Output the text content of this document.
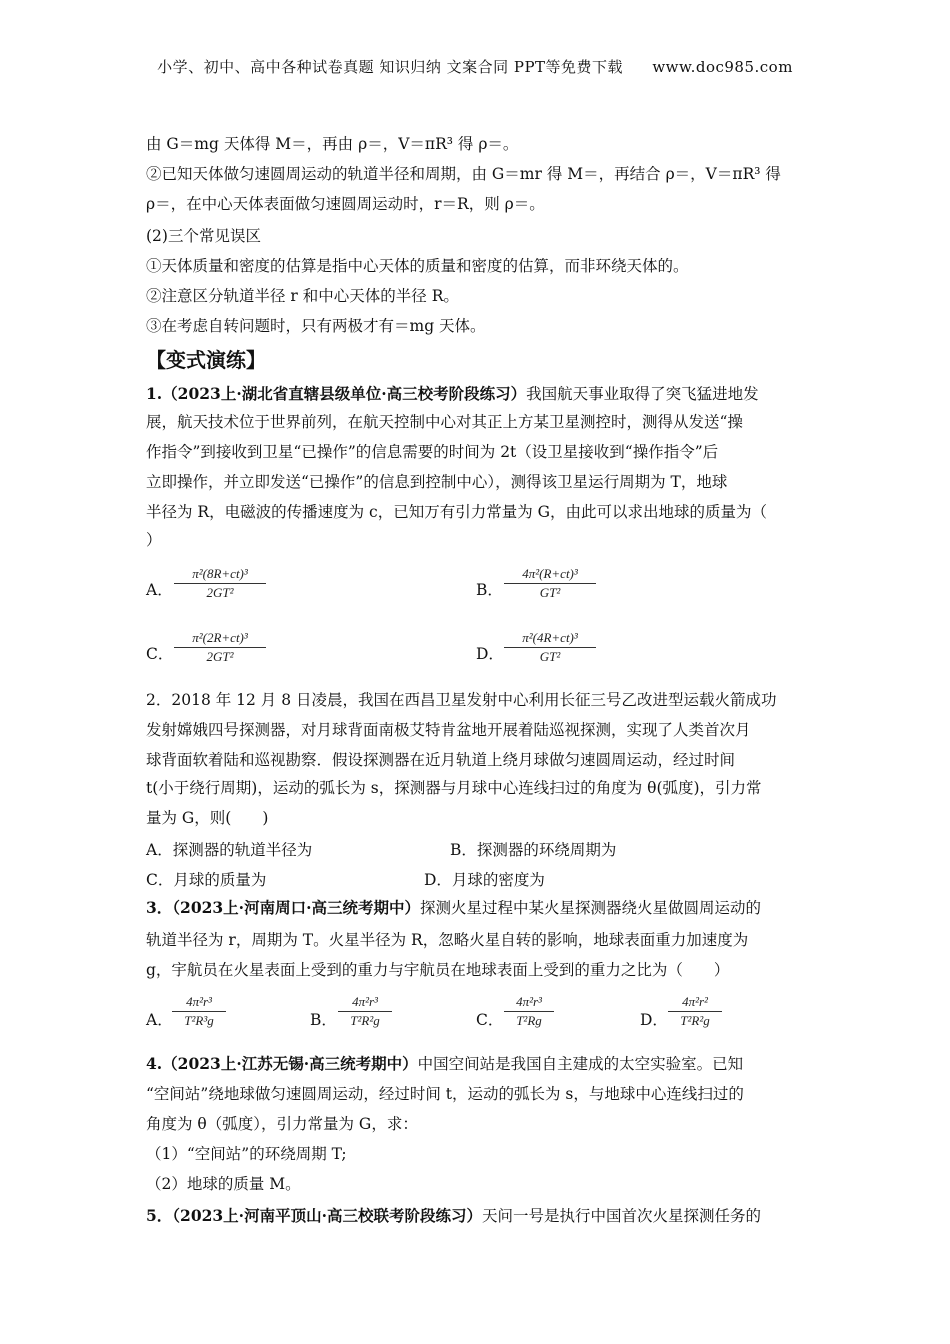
小学、初中、高中各种试卷真题 知识归纳 文案合同 PPT等免费下载 www.doc985.com
由 G＝mg 天体得 M＝，再由 ρ＝，V＝πR³ 得 ρ＝。
②已知天体做匀速圆周运动的轨道半径和周期，由 G＝mr 得 M＝，再结合 ρ＝，V＝πR³ 得
ρ＝，在中心天体表面做匀速圆周运动时，r＝R，则 ρ＝。
(2)三个常见误区
①天体质量和密度的估算是指中心天体的质量和密度的估算，而非环绕天体的。
②注意区分轨道半径 r 和中心天体的半径 R。
③在考虑自转问题时，只有两极才有＝mg 天体。
【变式演练】
1.（2023上·湖北省直辖县级单位·高三校考阶段练习）我国航天事业取得了突飞猛进地发
展，航天技术位于世界前列，在航天控制中心对其正上方某卫星测控时，测得从发送“操
作指令”到接收到卫星“已操作”的信息需要的时间为 2t（设卫星接收到“操作指令”后
立即操作，并立即发送“已操作”的信息到控制中心），测得该卫星运行周期为 T，地球
半径为 R，电磁波的传播速度为 c，已知万有引力常量为 G，由此可以求出地球的质量为（
）
A．
π²(8R+ct)³
2GT²	B．
4π²(R+ct)³
GT²
C．
π²(2R+ct)³
2GT²	D．
π²(4R+ct)³
GT²
2．2018 年 12 月 8 日凌晨，我国在西昌卫星发射中心利用长征三号乙改进型运载火箭成功
发射嫦娥四号探测器，对月球背面南极艾特肯盆地开展着陆巡视探测，实现了人类首次月
球背面软着陆和巡视勘察．假设探测器在近月轨道上绕月球做匀速圆周运动，经过时间
t(小于绕行周期)，运动的弧长为 s，探测器与月球中心连线扫过的角度为 θ(弧度)，引力常
量为 G，则(　　)
A．探测器的轨道半径为	B．探测器的环绕周期为
C．月球的质量为	D．月球的密度为
3．（2023上·河南周口·高三统考期中）探测火星过程中某火星探测器绕火星做圆周运动的
轨道半径为 r，周期为 T。火星半径为 R，忽略火星自转的影响，地球表面重力加速度为
g，宇航员在火星表面上受到的重力与宇航员在地球表面上受到的重力之比为（　　）
A．
4π²r³
T²R³g	B．
4π²r³
T²R²g	C．
4π²r³
T²Rg	D．
4π²r²
T²R²g
4.（2023上·江苏无锡·高三统考期中）中国空间站是我国自主建成的太空实验室。已知
“空间站”绕地球做匀速圆周运动，经过时间 t，运动的弧长为 s，与地球中心连线扫过的
角度为 θ（弧度），引力常量为 G，求：
（1）“空间站”的环绕周期 T;
（2）地球的质量 M。
5．（2023上·河南平顶山·高三校联考阶段练习）天问一号是执行中国首次火星探测任务的
